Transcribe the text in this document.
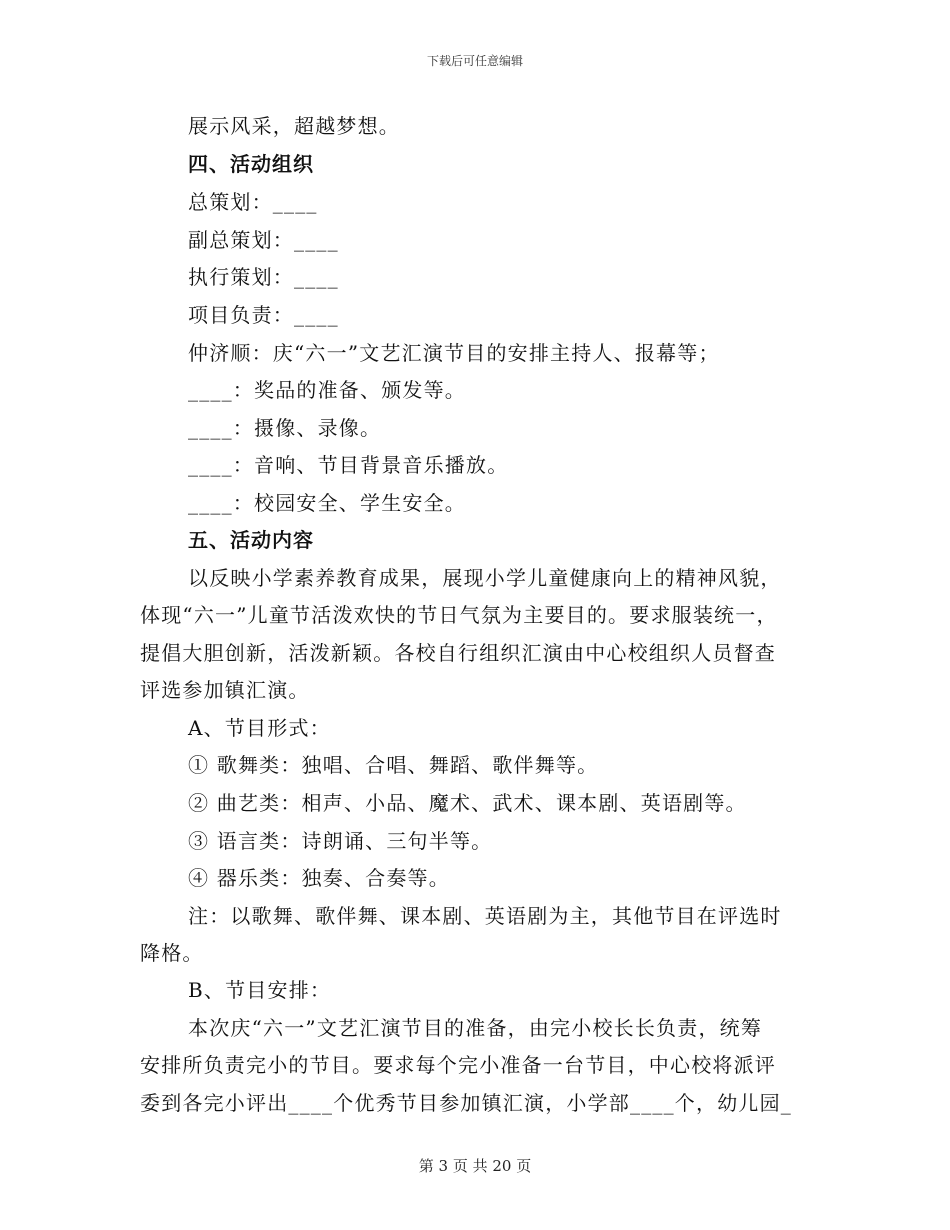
下载后可任意编辑
展示风采，超越梦想。
四、活动组织
总策划：____
副总策划：____
执行策划：____
项目负责：____
仲济顺：庆“六一”文艺汇演节目的安排主持人、报幕等；
____：奖品的准备、颁发等。
____：摄像、录像。
____：音响、节目背景音乐播放。
____：校园安全、学生安全。
五、活动内容
以反映小学素养教育成果，展现小学儿童健康向上的精神风貌，
体现“六一”儿童节活泼欢快的节日气氛为主要目的。要求服装统一，
提倡大胆创新，活泼新颖。各校自行组织汇演由中心校组织人员督查
评选参加镇汇演。
A、节目形式：
① 歌舞类：独唱、合唱、舞蹈、歌伴舞等。
② 曲艺类：相声、小品、魔术、武术、课本剧、英语剧等。
③ 语言类：诗朗诵、三句半等。
④ 器乐类：独奏、合奏等。
注：以歌舞、歌伴舞、课本剧、英语剧为主，其他节目在评选时
降格。
B、节目安排：
本次庆“六一”文艺汇演节目的准备，由完小校长长负责，统筹
安排所负责完小的节目。要求每个完小准备一台节目，中心校将派评
委到各完小评出____个优秀节目参加镇汇演，小学部____个，幼儿园_
第 3 页 共 20 页
